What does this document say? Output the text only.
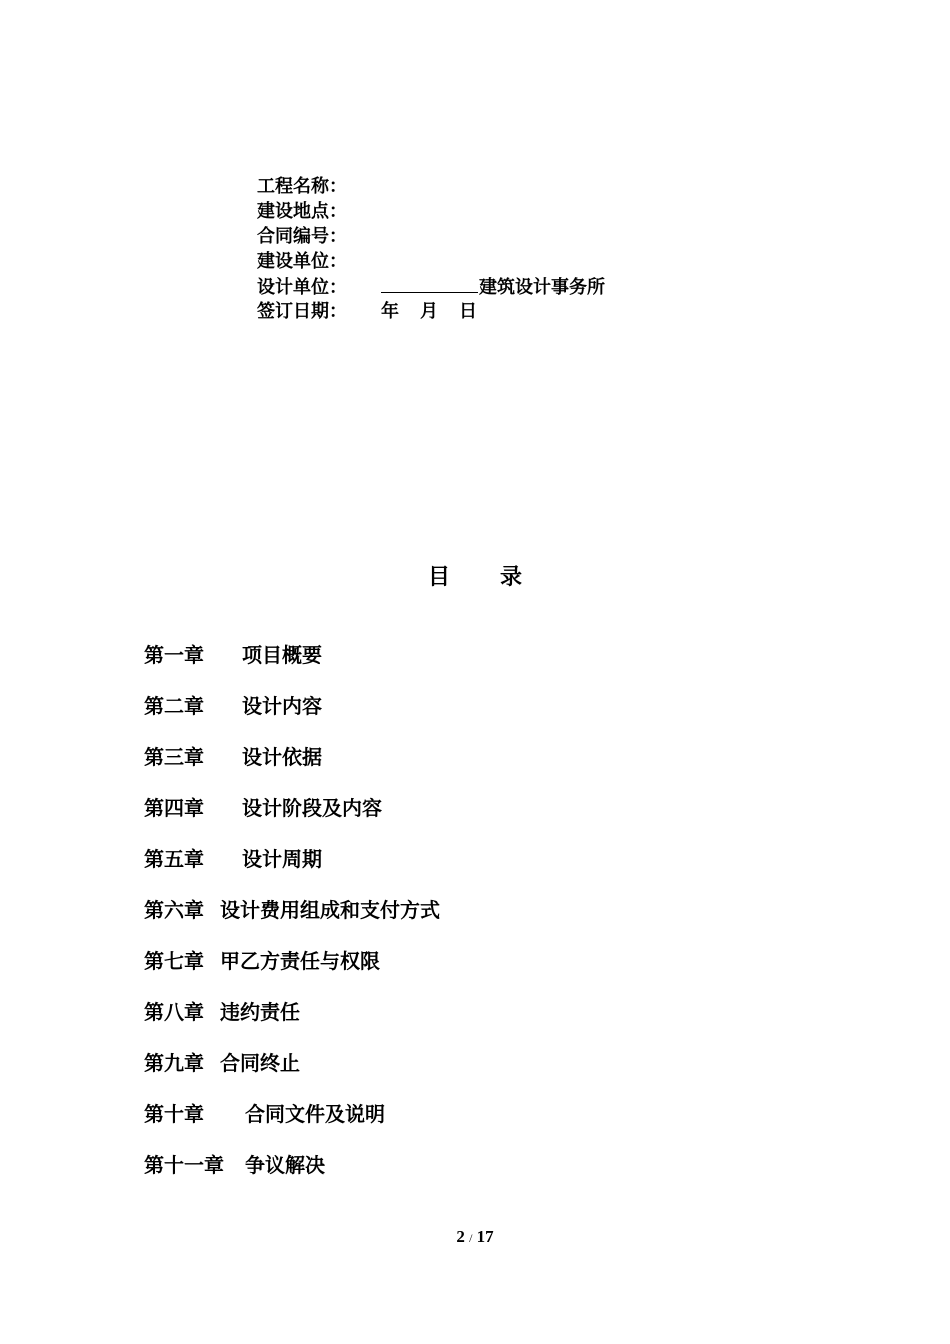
工程名称：
建设地点：
合同编号：
建设单位：
设计单位：	建筑设计事务所
签订日期：	年	月	日
目 录
第一章 项目概要
第二章 设计内容
第三章 设计依据
第四章 设计阶段及内容
第五章 设计周期
第六章 设计费用组成和支付方式
第七章 甲乙方责任与权限
第八章 违约责任
第九章 合同终止
第十章 合同文件及说明
第十一章 争议解决
2 / 17
